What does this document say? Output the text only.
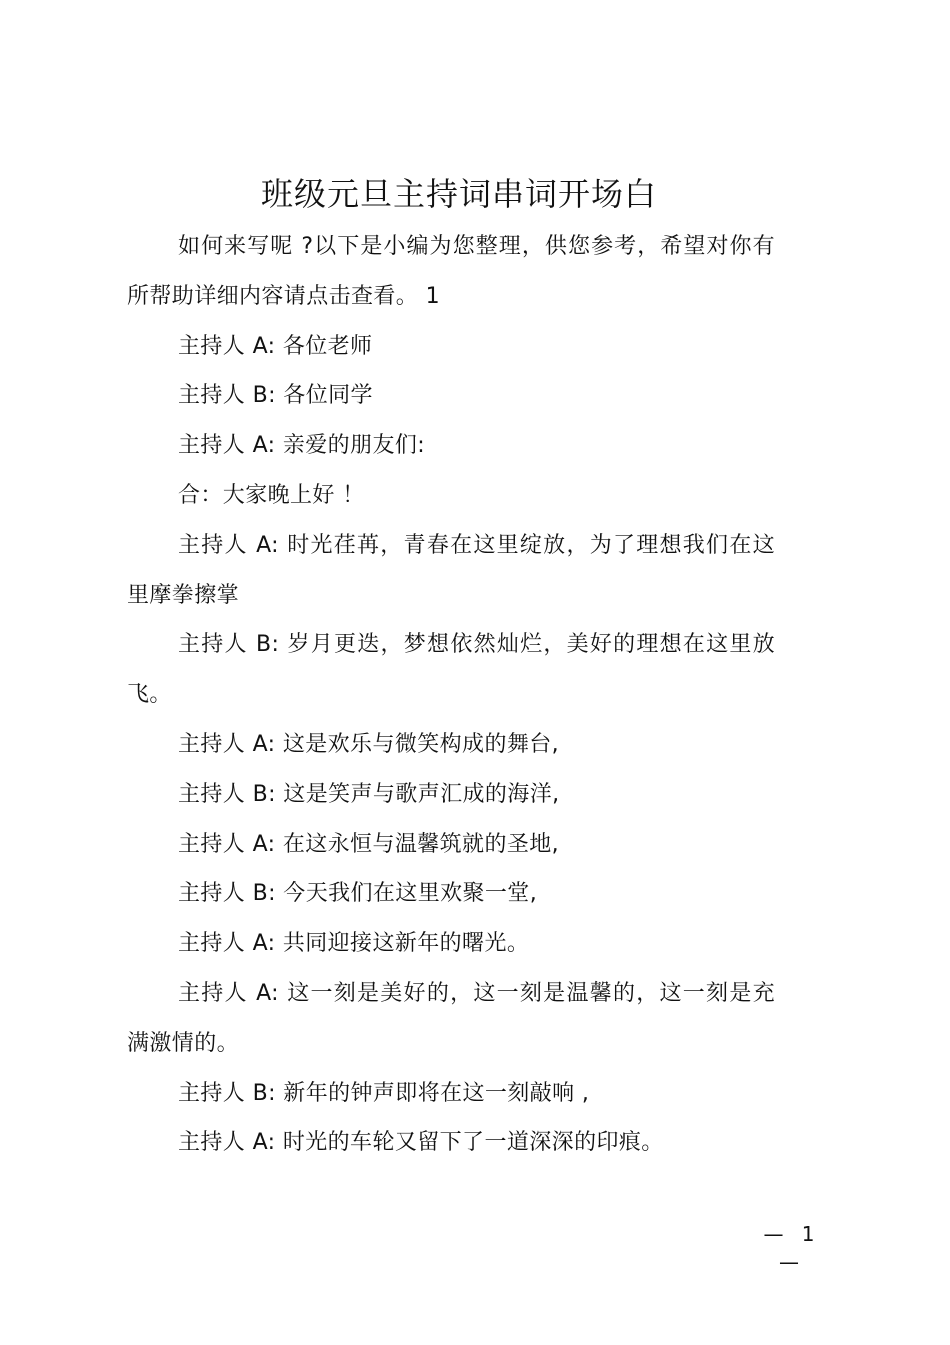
班级元旦主持词串词开场白

如何来写呢 ?以下是小编为您整理，供您参考，希望对你有所帮助详细内容请点击查看。 1

主持人 A: 各位老师

主持人 B: 各位同学

主持人 A: 亲爱的朋友们:

合：大家晚上好 ！

主持人 A: 时光荏苒，青春在这里绽放，为了理想我们在这里摩拳擦掌

主持人 B: 岁月更迭，梦想依然灿烂，美好的理想在这里放飞。

主持人 A: 这是欢乐与微笑构成的舞台,

主持人 B: 这是笑声与歌声汇成的海洋,

主持人 A: 在这永恒与温馨筑就的圣地,

主持人 B: 今天我们在这里欢聚一堂,

主持人 A: 共同迎接这新年的曙光。

主持人 A: 这一刻是美好的，这一刻是温馨的，这一刻是充满激情的。

主持人 B: 新年的钟声即将在这一刻敲响 ,

主持人 A: 时光的车轮又留下了一道深深的印痕。

— 1 —
